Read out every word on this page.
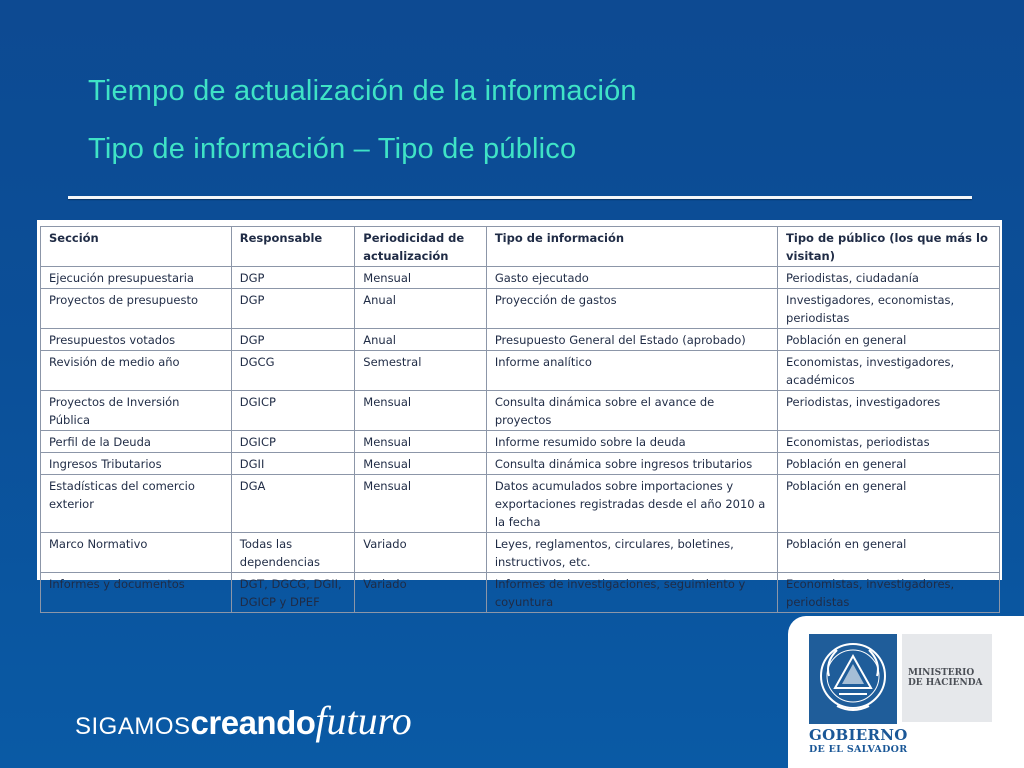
Tiempo de actualización de la información
Tipo de información – Tipo de público
Sección	Responsable	Periodicidad de actualización	Tipo de información	Tipo de público (los que más lo visitan)
Ejecución presupuestaria	DGP	Mensual	Gasto ejecutado	Periodistas, ciudadanía
Proyectos de presupuesto	DGP	Anual	Proyección de gastos	Investigadores, economistas, periodistas
Presupuestos votados	DGP	Anual	Presupuesto General del Estado (aprobado)	Población en general
Revisión de medio año	DGCG	Semestral	Informe analítico	Economistas, investigadores, académicos
Proyectos de Inversión Pública	DGICP	Mensual	Consulta dinámica sobre el avance de proyectos	Periodistas, investigadores
Perfil de la Deuda	DGICP	Mensual	Informe resumido sobre la deuda	Economistas, periodistas
Ingresos Tributarios	DGII	Mensual	Consulta dinámica sobre ingresos tributarios	Población en general
Estadísticas del comercio exterior	DGA	Mensual	Datos acumulados sobre importaciones y exportaciones registradas desde el año 2010 a la fecha	Población en general
Marco Normativo	Todas las dependencias	Variado	Leyes, reglamentos, circulares, boletines, instructivos, etc.	Población en general
Informes y documentos	DGT, DGCG, DGII, DGICP y DPEF	Variado	Informes de investigaciones, seguimiento y coyuntura	Economistas, investigadores, periodistas
SIGAMOScreandofuturo
MINISTERIO
DE HACIENDA
GOBIERNO
DE EL SALVADOR
